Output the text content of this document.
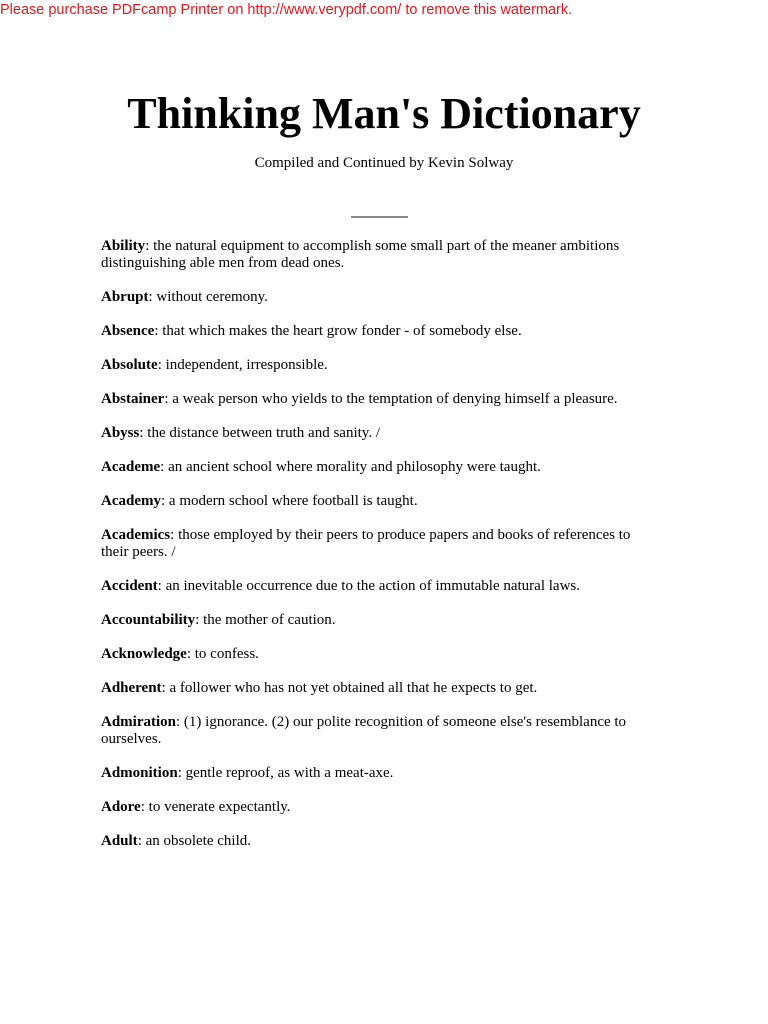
Please purchase PDFcamp Printer on http://www.verypdf.com/ to remove this watermark.
Thinking Man's Dictionary

Compiled and Continued by Kevin Solway

Ability: the natural equipment to accomplish some small part of the meaner ambitions distinguishing able men from dead ones.
Abrupt: without ceremony.
Absence: that which makes the heart grow fonder - of somebody else.
Absolute: independent, irresponsible.
Abstainer: a weak person who yields to the temptation of denying himself a pleasure.
Abyss: the distance between truth and sanity. /
Academe: an ancient school where morality and philosophy were taught.
Academy: a modern school where football is taught.
Academics: those employed by their peers to produce papers and books of references to their peers. /
Accident: an inevitable occurrence due to the action of immutable natural laws.
Accountability: the mother of caution.
Acknowledge: to confess.
Adherent: a follower who has not yet obtained all that he expects to get.
Admiration: (1) ignorance. (2) our polite recognition of someone else's resemblance to ourselves.
Admonition: gentle reproof, as with a meat-axe.
Adore: to venerate expectantly.
Adult: an obsolete child.
